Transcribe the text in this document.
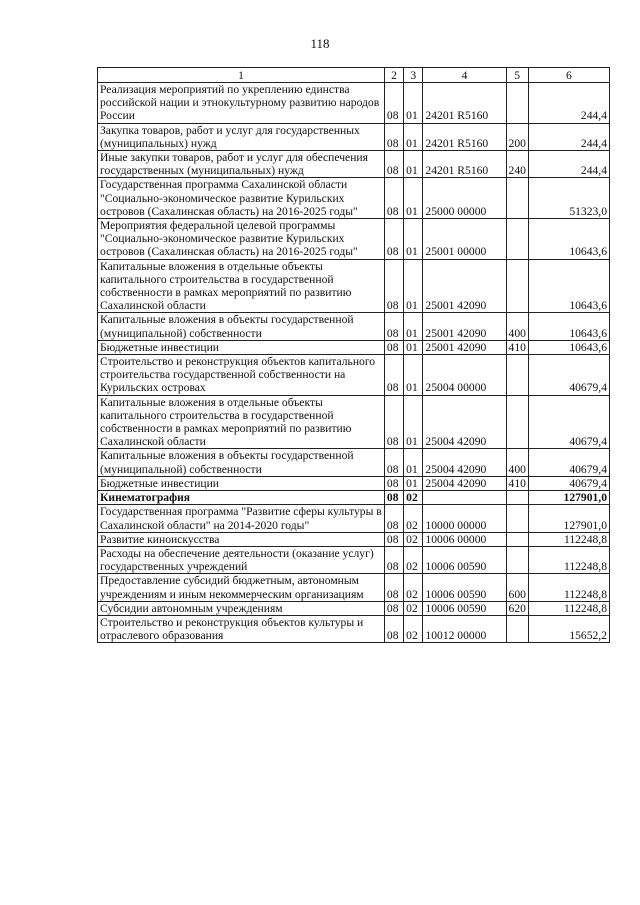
118
1	2	3	4	5	6
Реализация мероприятий по укреплению единства российской нации и этнокультурному развитию народов России	08	01	24201 R5160		244,4
Закупка товаров, работ и услуг для государственных (муниципальных) нужд	08	01	24201 R5160	200	244,4
Иные закупки товаров, работ и услуг для обеспечения государственных (муниципальных) нужд	08	01	24201 R5160	240	244,4
Государственная программа Сахалинской области "Социально-экономическое развитие Курильских островов (Сахалинская область) на 2016-2025 годы"	08	01	25000 00000		51323,0
Мероприятия федеральной целевой программы "Социально-экономическое развитие Курильских островов (Сахалинская область) на 2016-2025 годы"	08	01	25001 00000		10643,6
Капитальные вложения в отдельные объекты капитального строительства в государственной собственности в рамках мероприятий по развитию Сахалинской области	08	01	25001 42090		10643,6
Капитальные вложения в объекты государственной (муниципальной) собственности	08	01	25001 42090	400	10643,6
Бюджетные инвестиции	08	01	25001 42090	410	10643,6
Строительство и реконструкция объектов капитального строительства государственной собственности на Курильских островах	08	01	25004 00000		40679,4
Капитальные вложения в отдельные объекты капитального строительства в государственной собственности в рамках мероприятий по развитию Сахалинской области	08	01	25004 42090		40679,4
Капитальные вложения в объекты государственной (муниципальной) собственности	08	01	25004 42090	400	40679,4
Бюджетные инвестиции	08	01	25004 42090	410	40679,4
Кинематография	08	02			127901,0
Государственная программа "Развитие сферы культуры в Сахалинской области" на 2014-2020 годы"	08	02	10000 00000		127901,0
Развитие киноискусства	08	02	10006 00000		112248,8
Расходы на обеспечение деятельности (оказание услуг) государственных учреждений	08	02	10006 00590		112248,8
Предоставление субсидий бюджетным, автономным учреждениям и иным некоммерческим организациям	08	02	10006 00590	600	112248,8
Субсидии автономным учреждениям	08	02	10006 00590	620	112248,8
Строительство и реконструкция объектов культуры и отраслевого образования	08	02	10012 00000		15652,2
